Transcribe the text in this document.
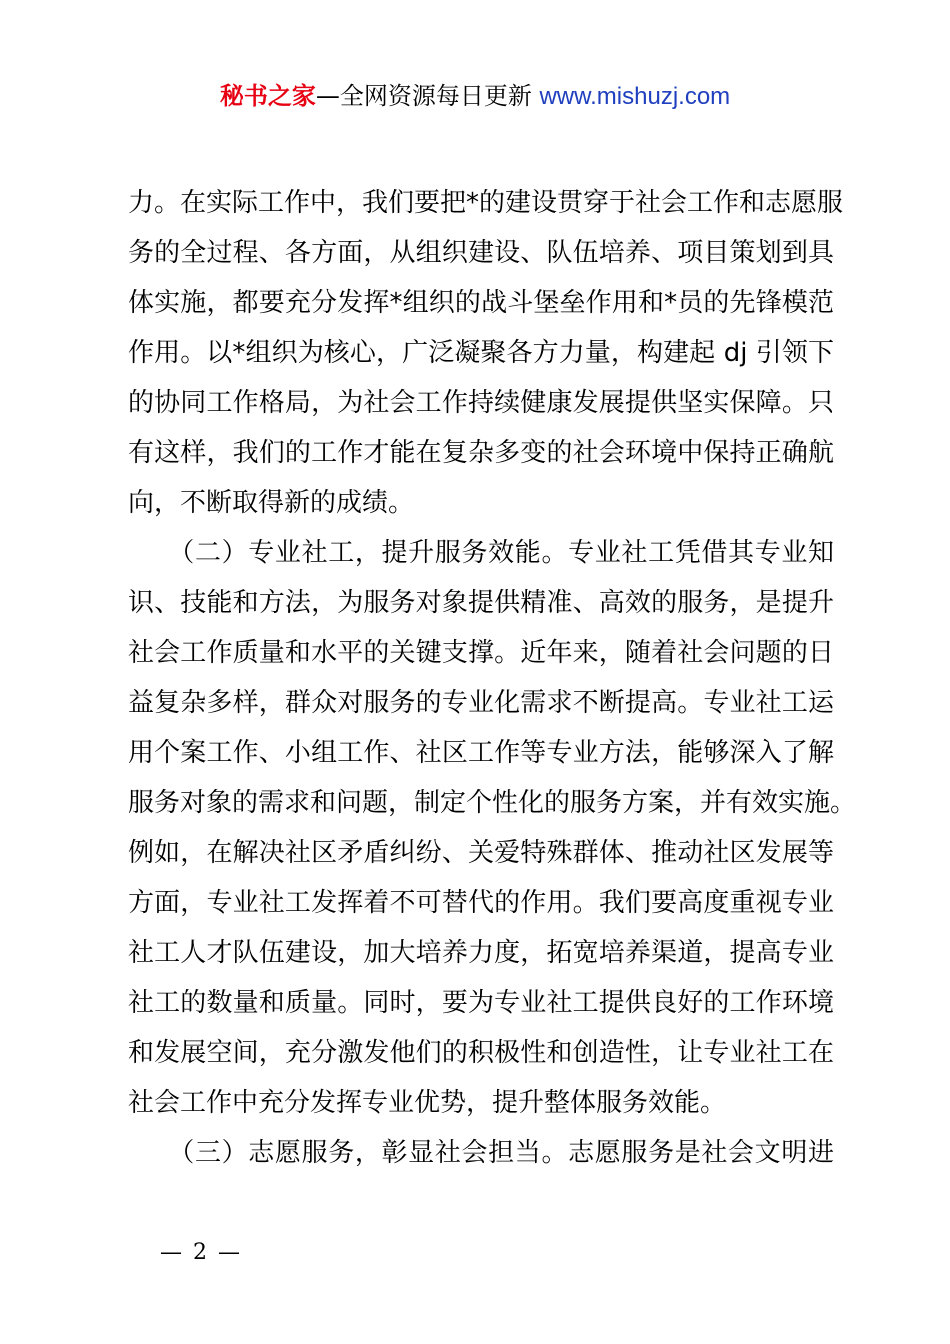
秘书之家—全网资源每日更新 www.mishuzj.com
力。在实际工作中，我们要把*的建设贯穿于社会工作和志愿服
务的全过程、各方面，从组织建设、队伍培养、项目策划到具
体实施，都要充分发挥*组织的战斗堡垒作用和*员的先锋模范
作用。以*组织为核心，广泛凝聚各方力量，构建起 dj 引领下
的协同工作格局，为社会工作持续健康发展提供坚实保障。只
有这样，我们的工作才能在复杂多变的社会环境中保持正确航
向，不断取得新的成绩。
　　（二）专业社工，提升服务效能。专业社工凭借其专业知
识、技能和方法，为服务对象提供精准、高效的服务，是提升
社会工作质量和水平的关键支撑。近年来，随着社会问题的日
益复杂多样，群众对服务的专业化需求不断提高。专业社工运
用个案工作、小组工作、社区工作等专业方法，能够深入了解
服务对象的需求和问题，制定个性化的服务方案，并有效实施。
例如，在解决社区矛盾纠纷、关爱特殊群体、推动社区发展等
方面，专业社工发挥着不可替代的作用。我们要高度重视专业
社工人才队伍建设，加大培养力度，拓宽培养渠道，提高专业
社工的数量和质量。同时，要为专业社工提供良好的工作环境
和发展空间，充分激发他们的积极性和创造性，让专业社工在
社会工作中充分发挥专业优势，提升整体服务效能。
　　（三）志愿服务，彰显社会担当。志愿服务是社会文明进
— 2 —
